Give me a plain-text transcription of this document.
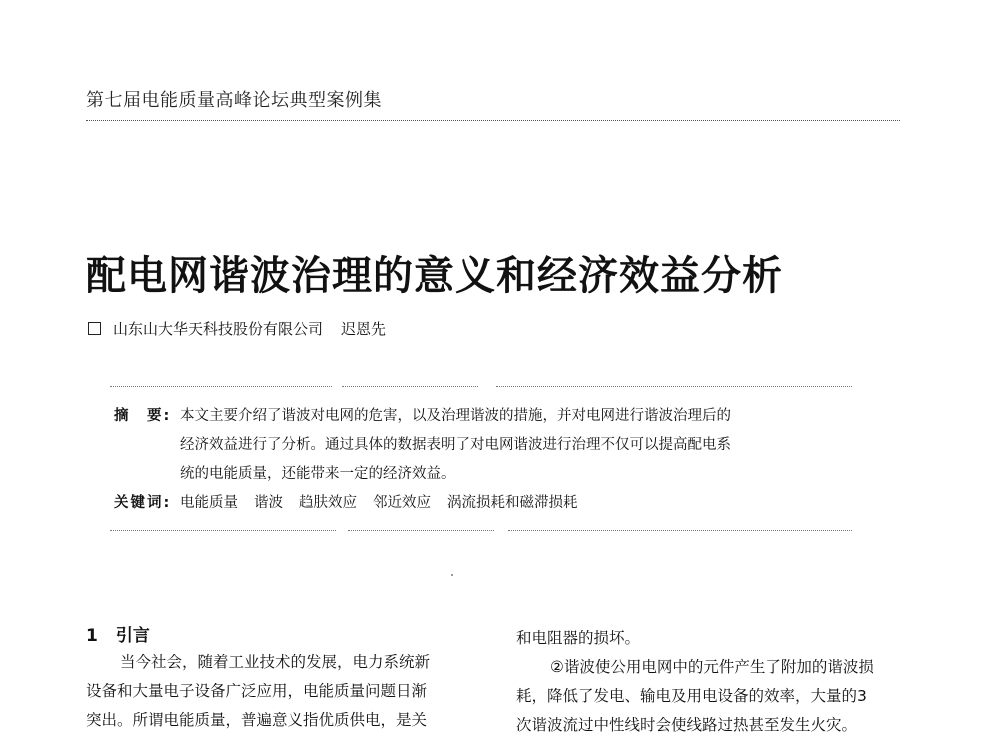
第七届电能质量高峰论坛典型案例集
配电网谐波治理的意义和经济效益分析
山东山大华天科技股份有限公司 迟恩先
摘　要: 本文主要介绍了谐波对电网的危害，以及治理谐波的措施，并对电网进行谐波治理后的
经济效益进行了分析。通过具体的数据表明了对电网谐波进行治理不仅可以提高配电系
统的电能质量，还能带来一定的经济效益。
关键词: 电能质量 谐波 趋肤效应 邻近效应 涡流损耗和磁滞损耗
1 引言
当今社会，随着工业技术的发展，电力系统新
设备和大量电子设备广泛应用，电能质量问题日渐
突出。所谓电能质量，普遍意义指优质供电，是关
和电阻器的损坏。
②谐波使公用电网中的元件产生了附加的谐波损
耗，降低了发电、输电及用电设备的效率，大量的3
次谐波流过中性线时会使线路过热甚至发生火灾。
